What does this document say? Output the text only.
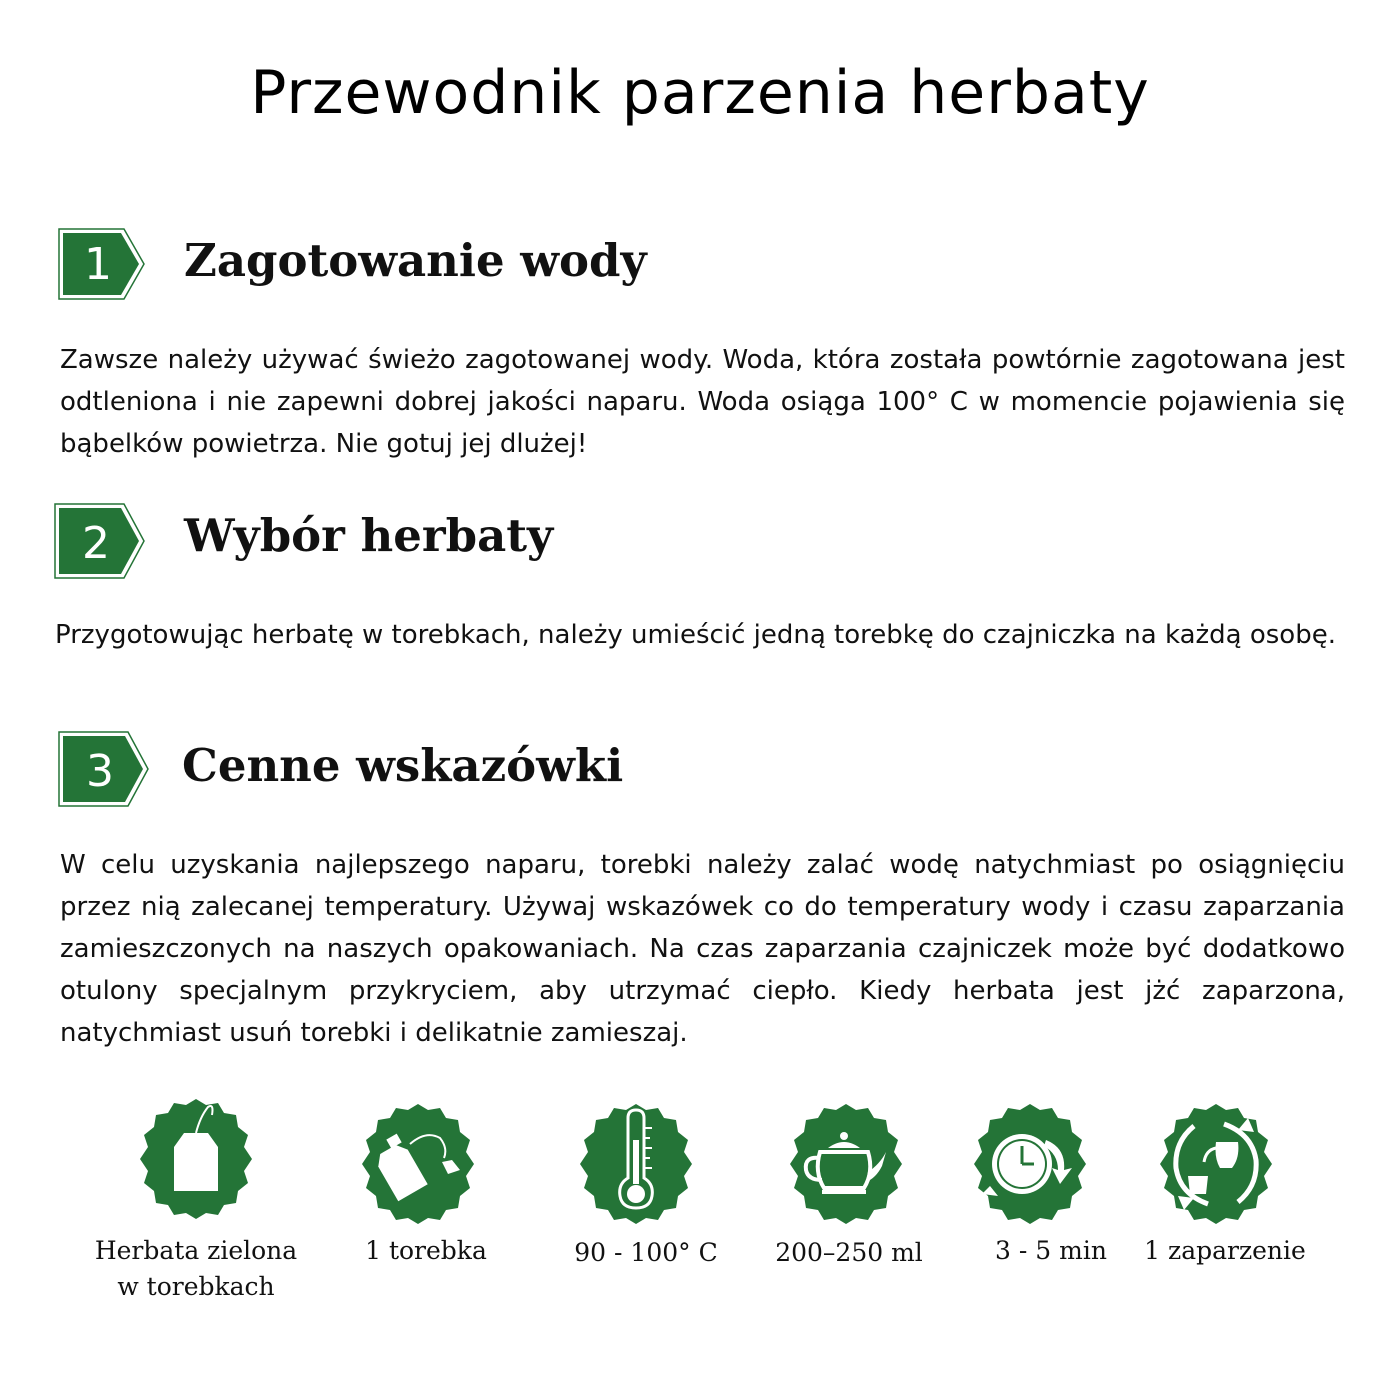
Przewodnik parzenia herbaty
1 Zagotowanie wody

Zawsze należy używać świeżo zagotowanej wody. Woda, która została powtórnie zagotowana jest odtleniona i nie zapewni dobrej jakości naparu. Woda osiąga 100° C w momencie pojawienia się bąbelków powietrza. Nie gotuj jej dlużej!

2 Wybór herbaty

Przygotowując herbatę w torebkach, należy umieścić jedną torebkę do czajniczka na każdą osobę.

3 Cenne wskazówki

W celu uzyskania najlepszego naparu, torebki należy zalać wodę natychmiast po osiągnięciu przez nią zalecanej temperatury. Używaj wskazówek co do temperatury wody i czasu zaparzania zamieszczonych na naszych opakowaniach. Na czas zaparzania czajniczek może być dodatkowo otulony specjalnym przykryciem, aby utrzymać ciepło. Kiedy herbata jest jżć zaparzona, natychmiast usuń torebki i delikatnie zamieszaj.

Herbata zielona
w torebkach
1 torebka	90 - 100° C	200–250 ml	3 - 5 min	1 zaparzenie
